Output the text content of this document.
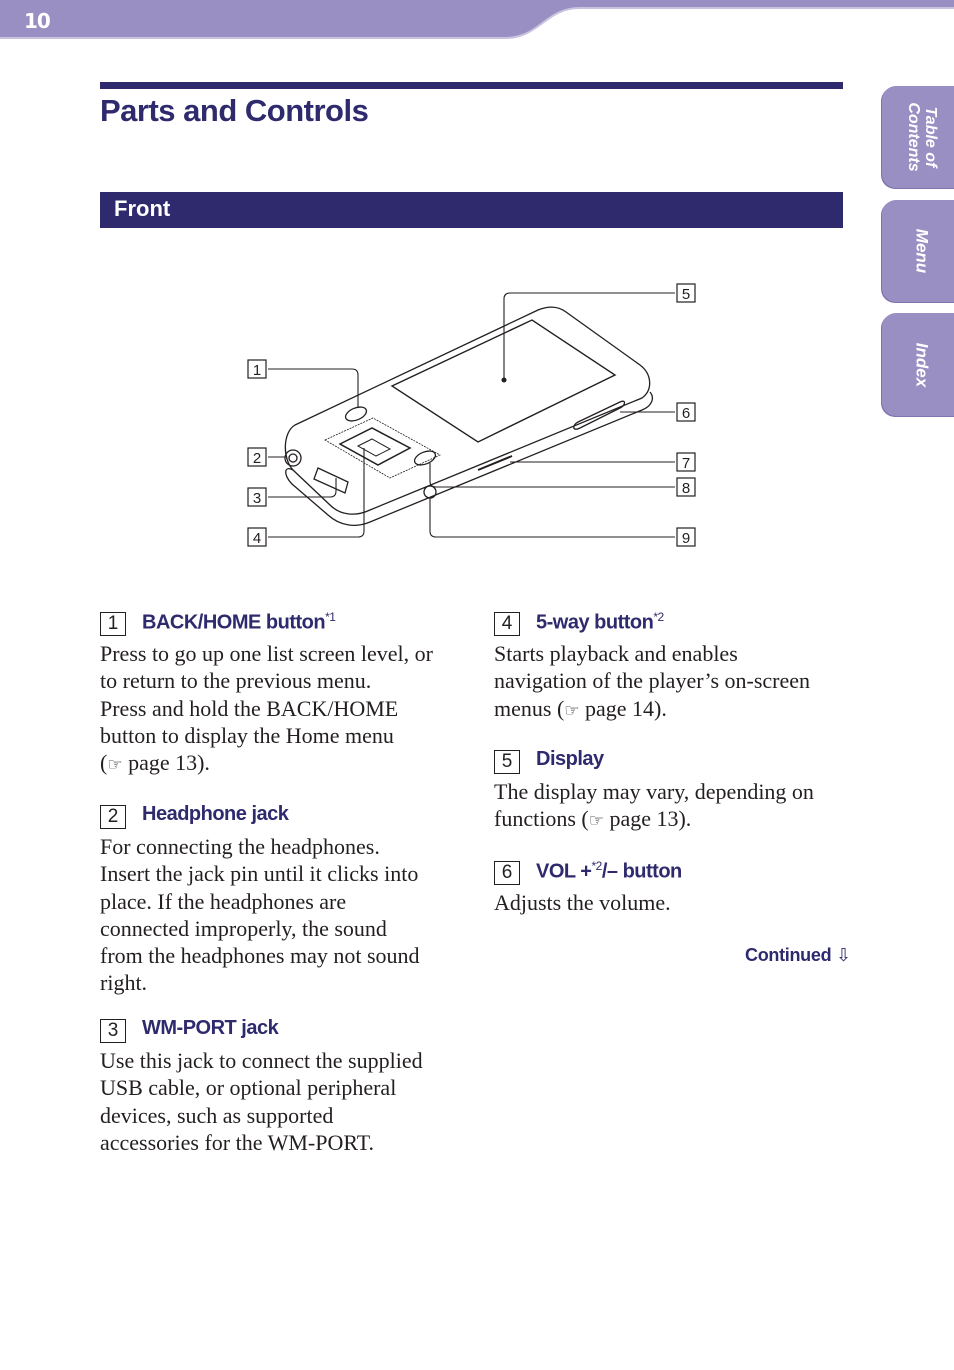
10
Table of Contents
Menu
Index
Parts and Controls
Front
1
2
3
4
5
6
7
8
9
1	BACK/HOME button$^{*1}$

Press to go up one list screen level, or

to return to the previous menu.

Press and hold the BACK/HOME

button to display the Home menu

(☞ page 13).

2	Headphone jack

For connecting the headphones.

Insert the jack pin until it clicks into

place. If the headphones are

connected improperly, the sound

from the headphones may not sound

right.

3	WM-PORT jack

Use this jack to connect the supplied

USB cable, or optional peripheral

devices, such as supported

accessories for the WM-PORT.

4	5-way button$^{*2}$

Starts playback and enables

navigation of the player’s on-screen

menus (☞ page 14).

5	Display

The display may vary, depending on

functions (☞ page 13).

6	VOL +$^{*2}$/– button

Adjusts the volume.

Continued ⇩
